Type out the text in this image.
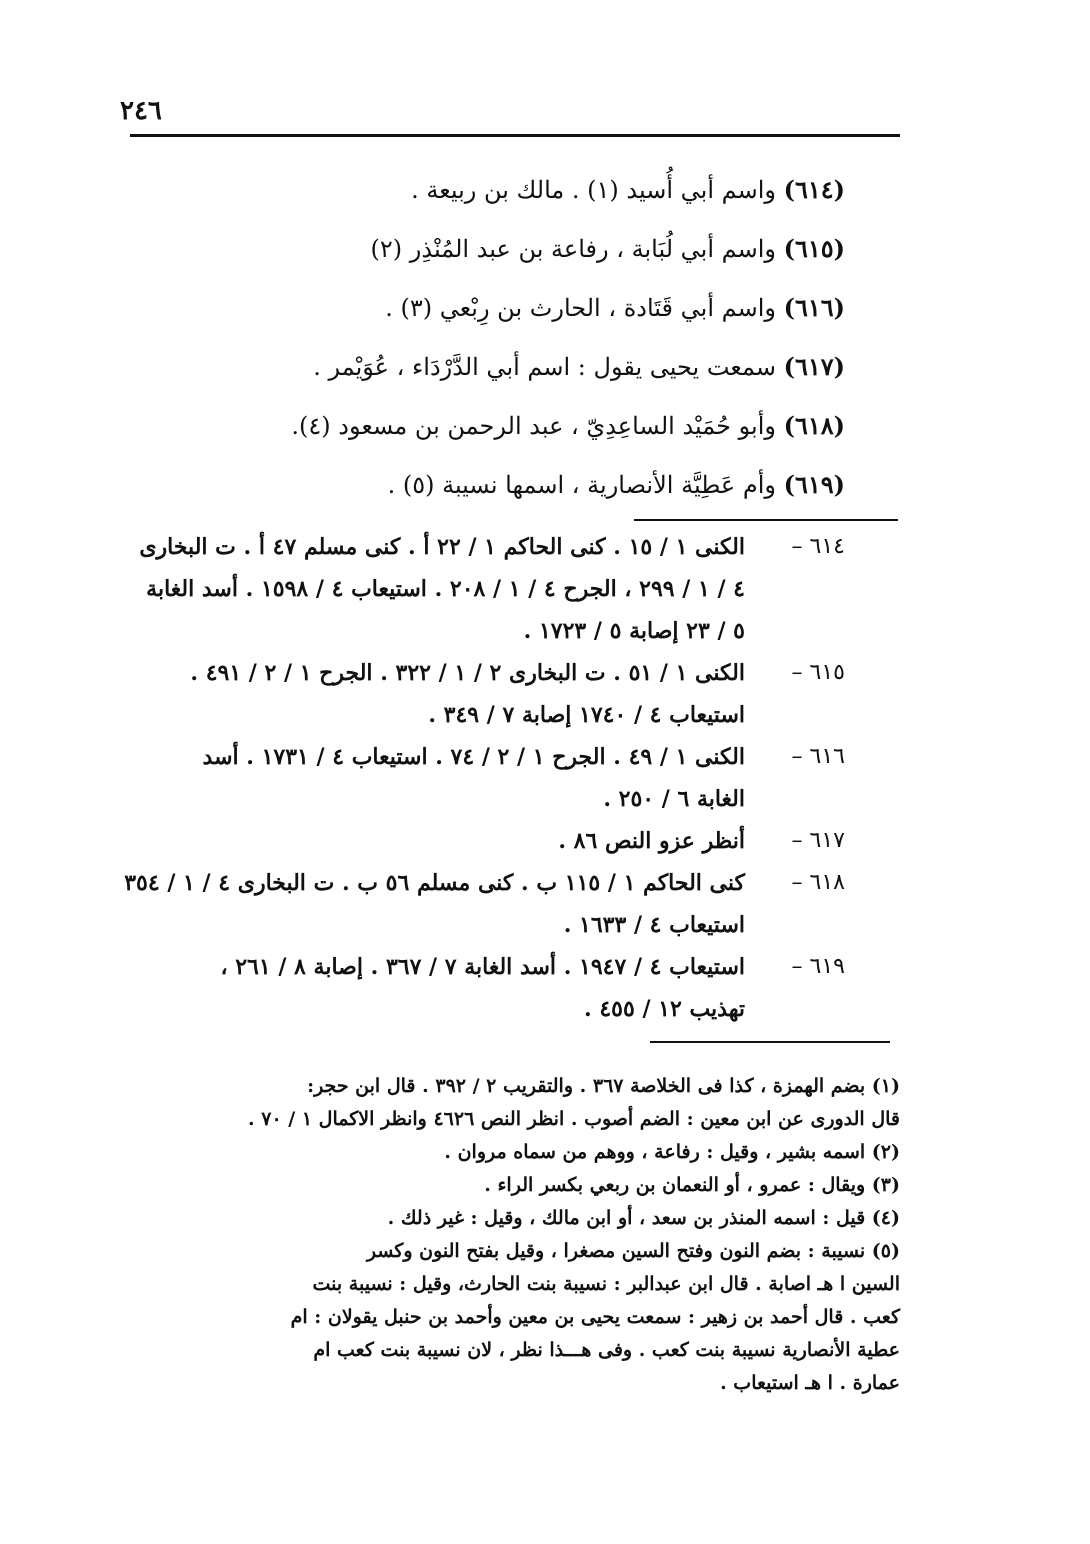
٢٤٦
(٦١٤) واسم أبي أُسيد (١) . مالك بن ربيعة .
(٦١٥) واسم أبي لُبَابة ، رفاعة بن عبد المُنْذِر (٢)
(٦١٦) واسم أبي قَتَادة ، الحارث بن رِبْعي (٣) .
(٦١٧) سمعت يحيى يقول : اسم أبي الدَّرْدَاء ، عُوَيْمر .
(٦١٨) وأبو حُمَيْد الساعِدِيّ ، عبد الرحمن بن مسعود (٤).
(٦١٩) وأم عَطِيَّة الأنصارية ، اسمها نسيبة (٥) .
٦١٤ –
الكنى ١ / ١٥ . كنى الحاكم ١ / ٢٢ أ . كنى مسلم ٤٧ أ . ت البخارى
٤ / ١ / ٢٩٩ ، الجرح ٤ / ١ / ٢٠٨ . استيعاب ٤ / ١٥٩٨ . أسد الغابة
٥ / ٢٣ إصابة ٥ / ١٧٢٣ .
٦١٥ –
الكنى ١ / ٥١ . ت البخارى ٢ / ١ / ٣٢٢ . الجرح ١ / ٢ / ٤٩١ .
استيعاب ٤ / ١٧٤٠ إصابة ٧ / ٣٤٩ .
٦١٦ –
الكنى ١ / ٤٩ . الجرح ١ / ٢ / ٧٤ . استيعاب ٤ / ١٧٣١ . أسد
الغابة ٦ / ٢٥٠ .
٦١٧ –
أنظر عزو النص ٨٦ .
٦١٨ –
كنى الحاكم ١ / ١١٥ ب . كنى مسلم ٥٦ ب . ت البخارى ٤ / ١ / ٣٥٤
استيعاب ٤ / ١٦٣٣ .
٦١٩ –
استيعاب ٤ / ١٩٤٧ . أسد الغابة ٧ / ٣٦٧ . إصابة ٨ / ٢٦١ ،
تهذيب ١٢ / ٤٥٥ .
(١) بضم الهمزة ، كذا فى الخلاصة ٣٦٧ . والتقريب ٢ / ٣٩٢ . قال ابن حجر:
قال الدورى عن ابن معين : الضم أصوب . انظر النص ٤٦٢٦ وانظر الاكمال ١ / ٧٠ .
(٢) اسمه بشير ، وقيل : رفاعة ، ووهم من سماه مروان .
(٣) ويقال : عمرو ، أو النعمان بن ربعي بكسر الراء .
(٤) قيل : اسمه المنذر بن سعد ، أو ابن مالك ، وقيل : غير ذلك .
(٥) نسيبة : بضم النون وفتح السين مصغرا ، وقيل بفتح النون وكسر
السين ا هـ اصابة . قال ابن عبدالبر : نسيبة بنت الحارث، وقيل : نسيبة بنت
كعب . قال أحمد بن زهير : سمعت يحيى بن معين وأحمد بن حنبل يقولان : ام
عطية الأنصارية نسيبة بنت كعب . وفى هـــذا نظر ، لان نسيبة بنت كعب ام
عمارة . ا هـ استيعاب .
